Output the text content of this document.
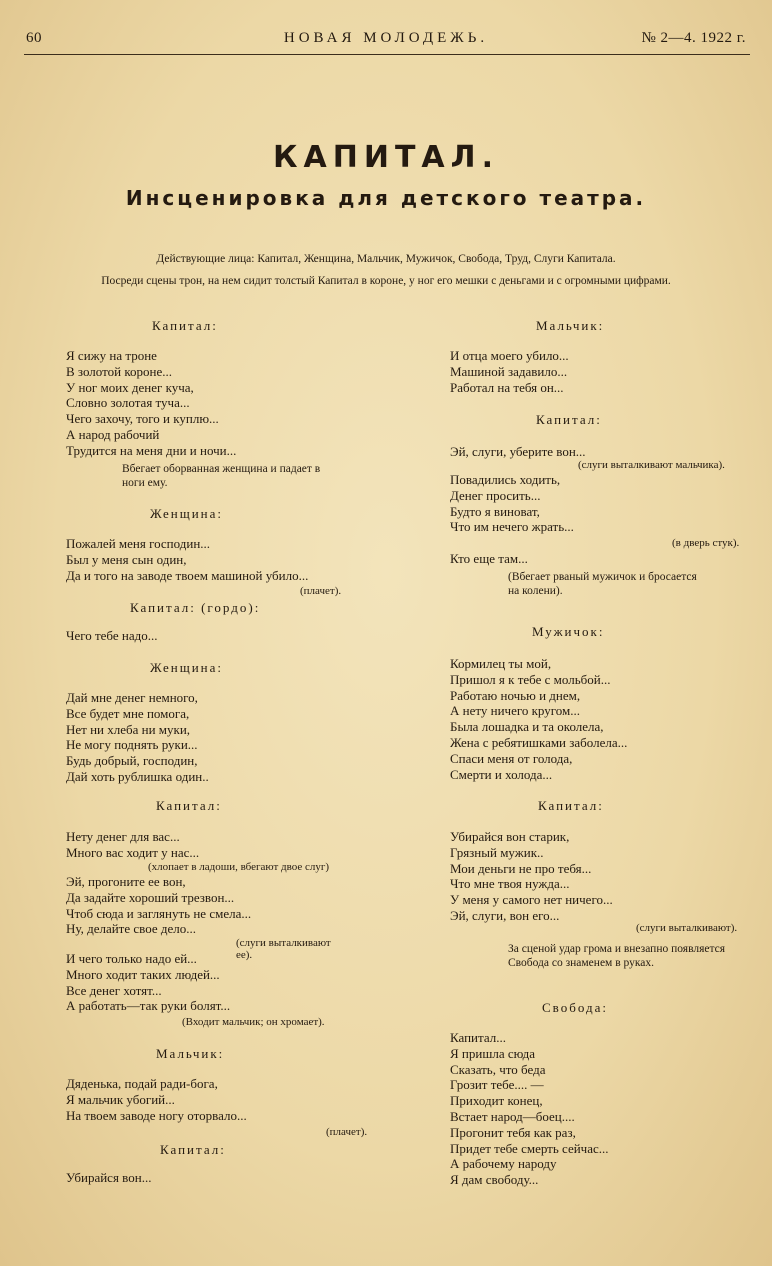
60	НОВАЯ МОЛОДЕЖЬ.	№ 2—4. 1922 г.
КАПИТАЛ.
Инсценировка для детского театра.
Действующие лица: Капитал, Женщина, Мальчик, Мужичок, Свобода, Труд, Слуги Капитала.
Посреди сцены трон, на нем сидит толстый Капитал в короне, у ног его мешки с деньгами и с огромными цифрами.
Капитал:
Я сижу на троне
В золотой короне...
У ног моих денег куча,
Словно золотая туча...
Чего захочу, того и куплю...
А народ рабочий
Трудится на меня дни и ночи...
Вбегает оборванная женщина и падает в
ноги ему.
Женщина:
Пожалей меня господин...
Был у меня сын один,
Да и того на заводе твоем машиной убило...
(плачет).
Капитал: (гордо):
Чего тебе надо...
Женщина:
Дай мне денег немного,
Все будет мне помога,
Нет ни хлеба ни муки,
Не могу поднять руки...
Будь добрый, господин,
Дай хоть рублишка один..
Капитал:
Нету денег для вас...
Много вас ходит у нас...
(хлопает в ладоши, вбегают двое слуг)
Эй, прогоните ее вон,
Да задайте хороший трезвон...
Чтоб сюда и заглянуть не смела...
Ну, делайте свое дело...
(слуги выталкивают ее).
И чего только надо ей...
Много ходит таких людей...
Все денег хотят...
А работать—так руки болят...
(Входит мальчик; он хромает).
Мальчик:
Дяденька, подай ради-бога,
Я мальчик убогий...
На твоем заводе ногу оторвало...
(плачет).
Капитал:
Убирайся вон...
Мальчик:
И отца моего убило...
Машиной задавило...
Работал на тебя он...
Капитал:
Эй, слуги, уберите вон...
(слуги выталкивают мальчика).
Повадились ходить,
Денег просить...
Будто я виноват,
Что им нечего жрать...
(в дверь стук).
Кто еще там...
(Вбегает рваный мужичок и бросается
на колени).
Мужичок:
Кормилец ты мой,
Пришол я к тебе с мольбой...
Работаю ночью и днем,
А нету ничего кругом...
Была лошадка и та околела,
Жена с ребятишками заболела...
Спаси меня от голода,
Смерти и холода...
Капитал:
Убирайся вон старик,
Грязный мужик..
Мои деньги не про тебя...
Что мне твоя нужда...
У меня у самого нет ничего...
Эй, слуги, вон его...
(слуги выталкивают).
За сценой удар грома и внезапно появляется
Свобода со знаменем в руках.
Свобода:
Капитал...
Я пришла сюда
Сказать, что беда
Грозит тебе.... —
Приходит конец,
Встает народ—боец....
Прогонит тебя как раз,
Придет тебе смерть сейчас...
А рабочему народу
Я дам свободу...
